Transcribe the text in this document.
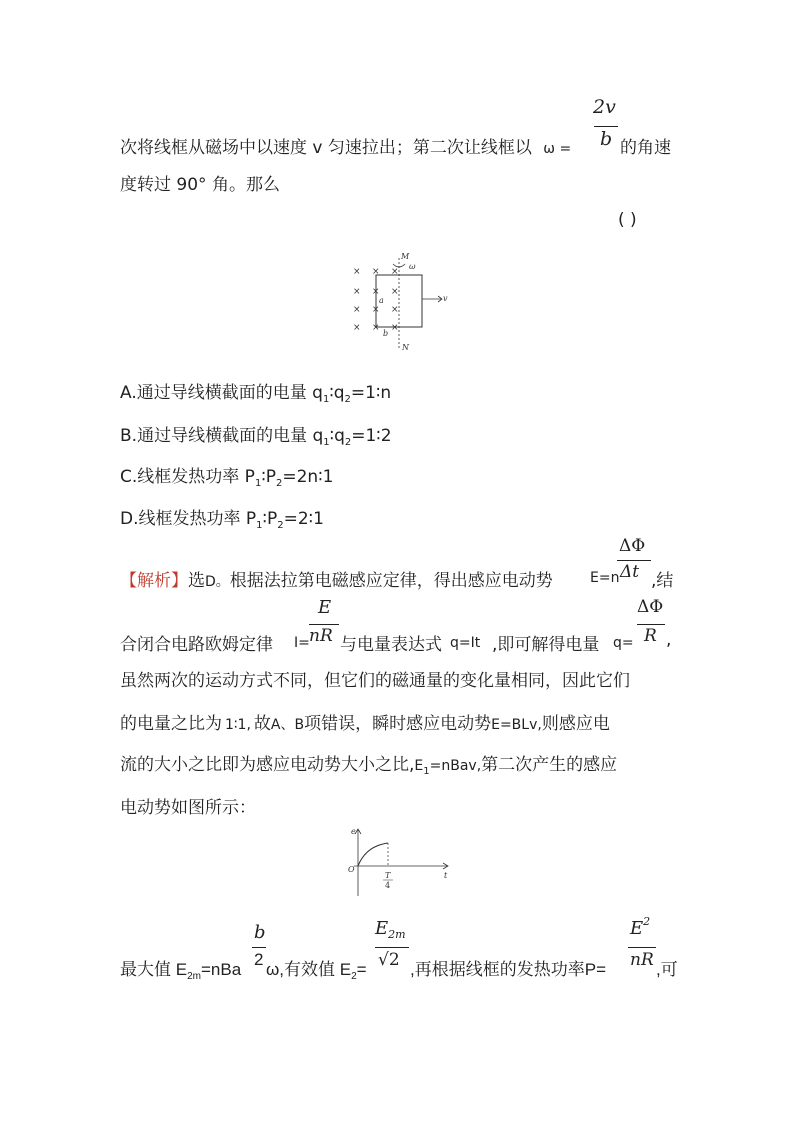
2v
b
次将线框从磁场中以速度 v 匀速拉出；第二次让线框以 ω =	的角速
度转过 90° 角。那么
( )
× × ×
× × ×
× × ×
× × ×
M
ω
v
a
b
N
A.通过导线横截面的电量 $q_1∶q_2=1∶n$
B.通过导线横截面的电量 $q_1∶q_2=1∶2$
C.线框发热功率 $P_1∶P_2=2n∶1$
D.线框发热功率 $P_1∶P_2=2∶1$
ΔΦ
【解析】选D。根据法拉第电磁感应定律，得出感应电动势	E=n Δt ,结
E	ΔΦ
合闭合电路欧姆定律 I= nR 与电量表达式 q=It ,即可解得电量 q= R ,
虽然两次的运动方式不同，但它们的磁通量的变化量相同，因此它们
的电量之比为 1∶1, 故A、B项错误，瞬时感应电动势E=BLv,则感应电
流的大小之比即为感应电动势大小之比$,E_1=nBav$,第二次产生的感应
电动势如图所示：
e
O
t
T
4
b	$E_{2m}$	$E^2$
最大值 $E_{2m}=nBa$
2
ω,有效值 $E_2= √2$ ,再根据线框的发热功率P= nR ,可
